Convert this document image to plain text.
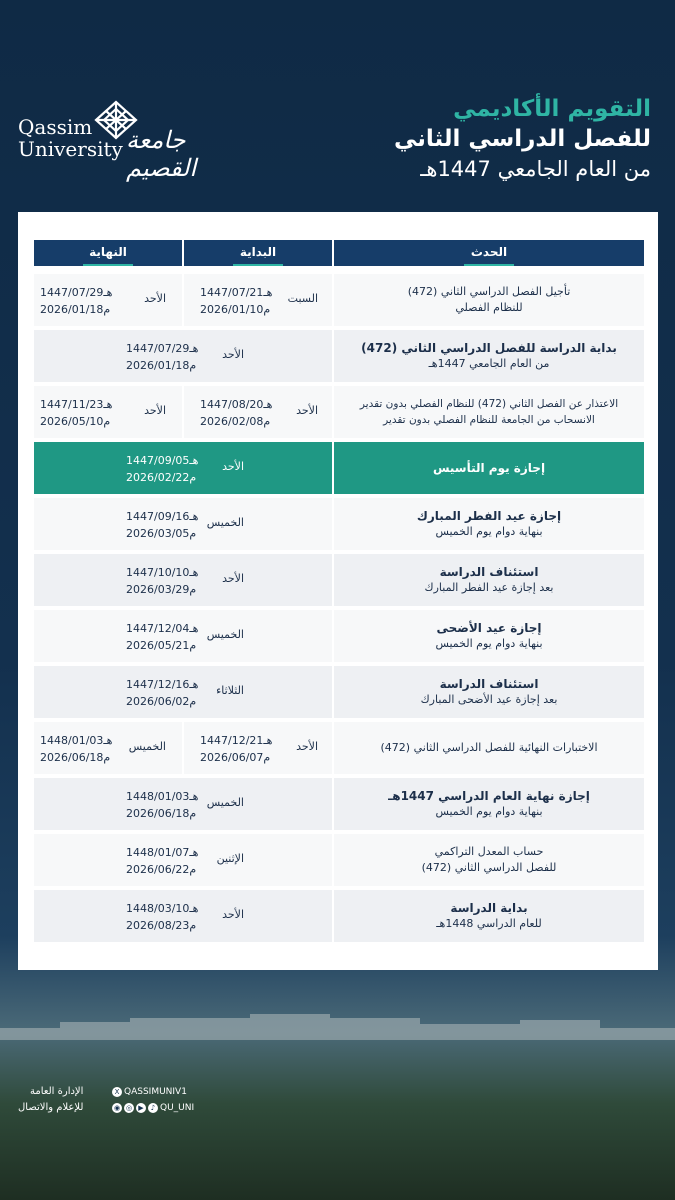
التقويم الأكاديمي
للفصل الدراسي الثاني
من العام الجامعي 1447هـ
Qassim
University جامعة القصيم
الحدث
البداية
النهاية
تأجيل الفصل الدراسي الثاني (472)
للنظام الفصلي
السبت
1447/07/21هـ
2026/01/10م
الأحد
1447/07/29هـ
2026/01/18م
بداية الدراسة للفصل الدراسي الثاني (472)
من العام الجامعي 1447هـ
الأحد
1447/07/29هـ
2026/01/18م
الاعتذار عن الفصل الثاني (472) للنظام الفصلي بدون تقدير
الانسحاب من الجامعة للنظام الفصلي بدون تقدير
الأحد
1447/08/20هـ
2026/02/08م
الأحد
1447/11/23هـ
2026/05/10م
إجازة يوم التأسيس
الأحد
1447/09/05هـ
2026/02/22م
إجازة عيد الفطر المبارك
بنهاية دوام يوم الخميس
الخميس
1447/09/16هـ
2026/03/05م
استئناف الدراسة
بعد إجازة عيد الفطر المبارك
الأحد
1447/10/10هـ
2026/03/29م
إجازة عيد الأضحى
بنهاية دوام يوم الخميس
الخميس
1447/12/04هـ
2026/05/21م
استئناف الدراسة
بعد إجازة عيد الأضحى المبارك
الثلاثاء
1447/12/16هـ
2026/06/02م
الاختبارات النهائية للفصل الدراسي الثاني (472)
الأحد
1447/12/21هـ
2026/06/07م
الخميس
1448/01/03هـ
2026/06/18م
إجازة نهاية العام الدراسي 1447هـ
بنهاية دوام يوم الخميس
الخميس
1448/01/03هـ
2026/06/18م
حساب المعدل التراكمي
للفصل الدراسي الثاني (472)
الإثنين
1448/01/07هـ
2026/06/22م
بداية الدراسة
للعام الدراسي 1448هـ
الأحد
1448/03/10هـ
2026/08/23م
الإدارة العامة
للإعلام والاتصال
X QASSIMUNIV1
◉ ◎ ▶ ♪ QU_UNI
